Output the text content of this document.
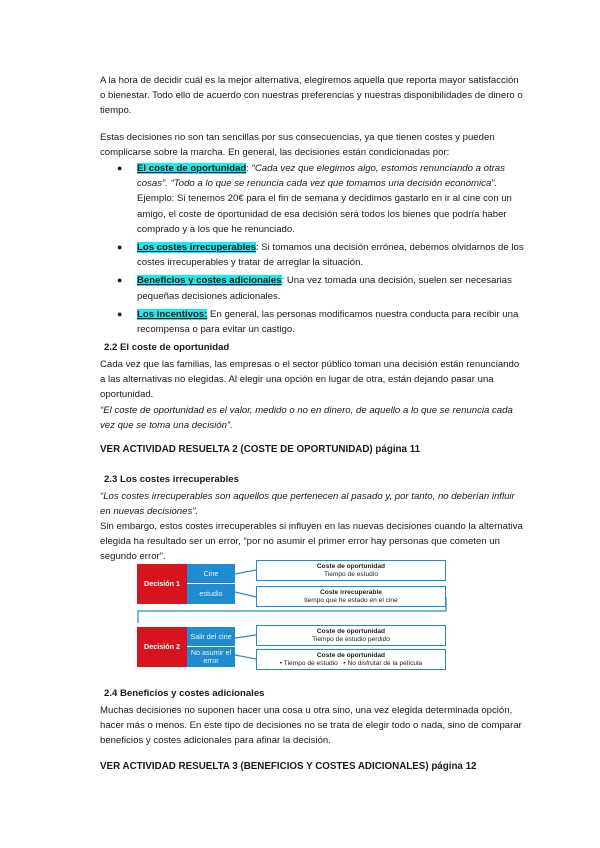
A la hora de decidir cuál es la mejor alternativa, elegiremos aquella que reporta mayor satisfacción o bienestar. Todo ello de acuerdo con nuestras preferencias y nuestras disponibilidades de dinero o tiempo.

Estas decisiones no son tan sencillas por sus consecuencias, ya que tienen costes y pueden complicarse sobre la marcha. En general, las decisiones están condicionadas por:

● El coste de oportunidad: “Cada vez que elegimos algo, estomos renunciando a otras cosas”. “Todo a lo que se renuncia cada vez que tomamos una decisión económica”. Ejemplo: Si tenemos 20€ para el fin de semana y decidimos gastarlo en ir al cine con un amigo, el coste de oportunidad de esa decisión será todos los bienes que podría haber comprado y a los que he renunciado.
● Los costes irrecuperables: Si tomamos una decisión errónea, debemos olvidarnos de los costes irrecuperables y tratar de arreglar la situación.
● Beneficios y costes adicionales: Una vez tomada una decisión, suelen ser necesarias pequeñas decisiones adicionales.
● Los incentivos: En general, las personas modificamos nuestra conducta para recibir una recompensa o para evitar un castigo.

2.2 El coste de oportunidad

Cada vez que las familias, las empresas o el sector público toman una decisión están renunciando a las alternativas no elegidas. Al elegir una opción en lugar de otra, están dejando pasar una oportunidad.

“El coste de oportunidad es el valor, medido o no en dinero, de aquello a lo que se renuncia cada vez que se toma una decisión”.

VER ACTIVIDAD RESUELTA 2 (COSTE DE OPORTUNIDAD) página 11

2.3 Los costes irrecuperables

“Los costes irrecuperables son aquellos que pertenecen al pasado y, por tanto, no deberían influir en nuevas decisiones”.

Sin embargo, estos costes irrecuperables si influyen en las nuevas decisiones cuando la alternativa elegida ha resultado ser un error, “por no asumir el primer error hay personas que cometen un segundo error”.

Decisión 1
Cine
estudio
Coste de oportunidad
Tiempo de estudio
Coste irrecuperable
tiempo que he estado en el cine
Decisión 2
Salir del cine
No asumir el error
Coste de oportunidad
Tiempo de estudio perdido
Coste de oportunidad
• Tiempo de estudio   • No disfrutar de la película

2.4 Beneficios y costes adicionales

Muchas decisiones no suponen hacer una cosa u otra sino, una vez elegida determinada opción, hacer más o menos. En este tipo de decisiones no se trata de elegir todo o nada, sino de comparar beneficios y costes adicionales para afinar la decisión.

VER ACTIVIDAD RESUELTA 3 (BENEFICIOS Y COSTES ADICIONALES) página 12
